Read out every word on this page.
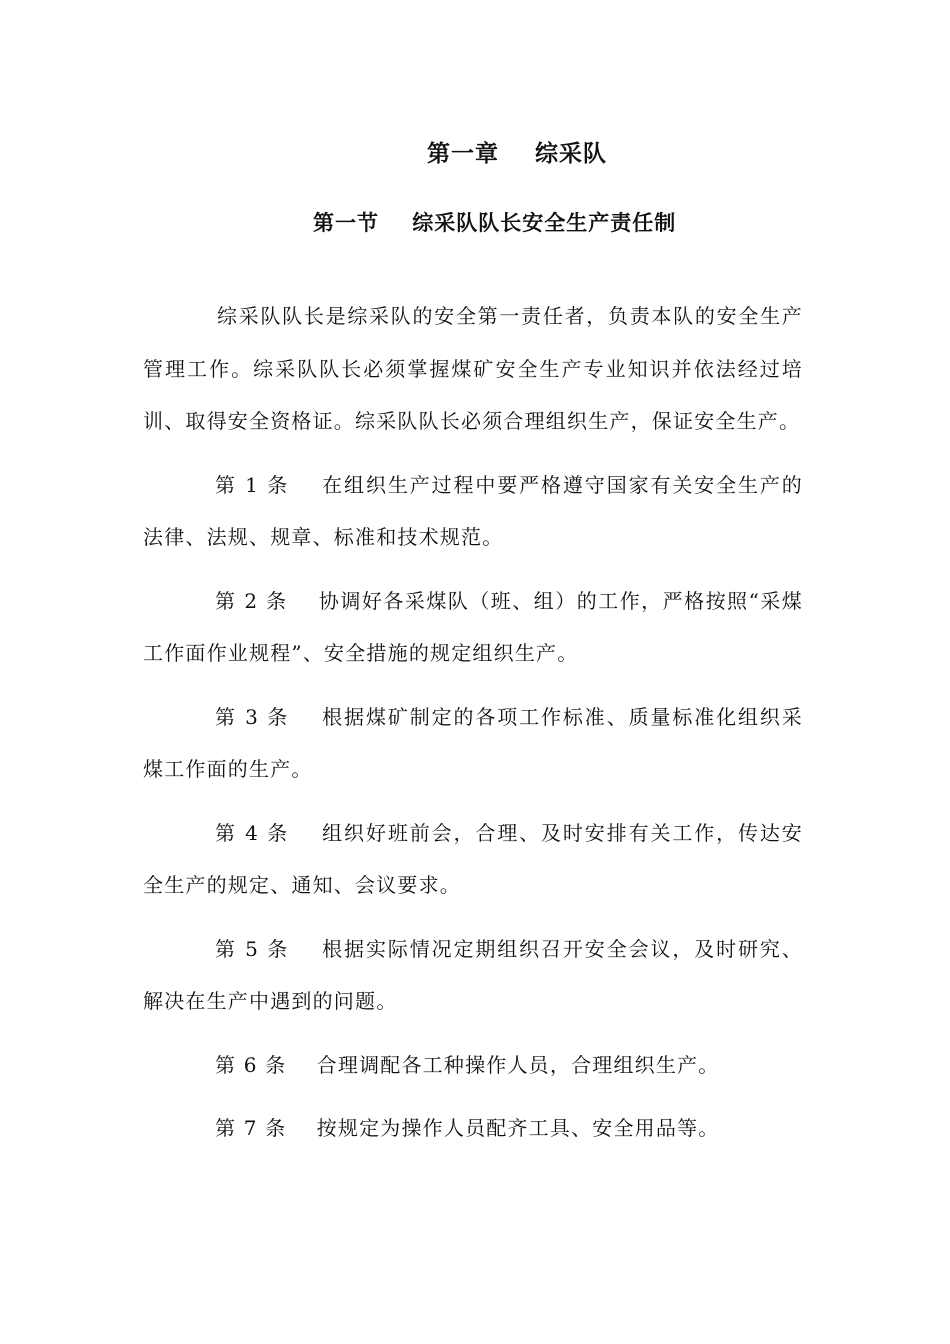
第一章    综采队
第一节    综采队队长安全生产责任制

综采队队长是综采队的安全第一责任者，负责本队的安全生产管理工作。综采队队长必须掌握煤矿安全生产专业知识并依法经过培训、取得安全资格证。综采队队长必须合理组织生产，保证安全生产。

第 1 条    在组织生产过程中要严格遵守国家有关安全生产的法律、法规、规章、标准和技术规范。

第 2 条    协调好各采煤队（班、组）的工作，严格按照“采煤工作面作业规程”、安全措施的规定组织生产。

第 3 条    根据煤矿制定的各项工作标准、质量标准化组织采煤工作面的生产。

第 4 条    组织好班前会，合理、及时安排有关工作，传达安全生产的规定、通知、会议要求。

第 5 条    根据实际情况定期组织召开安全会议，及时研究、解决在生产中遇到的问题。

第 6 条    合理调配各工种操作人员，合理组织生产。

第 7 条    按规定为操作人员配齐工具、安全用品等。
